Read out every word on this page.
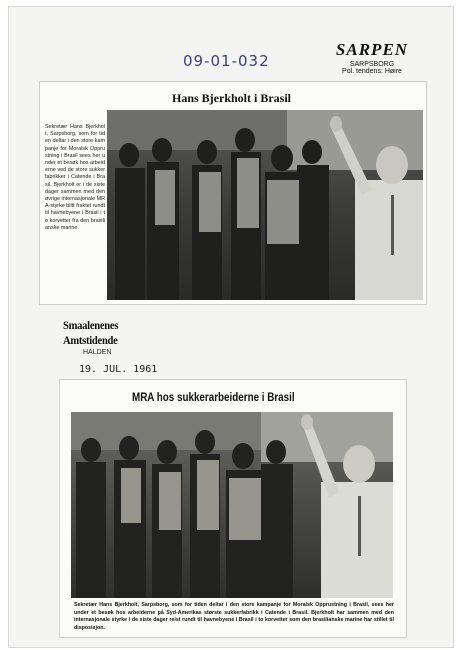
09-01-032
SARPEN
SARPSBORG
Pol. tendens: Høire
Hans Bjerkholt i Brasil
Sekretær Hans Bjerkholt, Sarpsborg, som for tiden deltar i den store kampanje for Moralsk Opprustning i Brasil sees her under et besøk hos arbeiderne ved de store sukkerfabrikker i Catende i Brasil. Bjerkholt er i de siste dager sammen med den øvrige internasjonale MRA-styrke blitt fraktet rundt til havnebyene i Brasil i to korvetter fra den brasilianske marine.
Smaalenenes Amtstidende
HALDEN
19. JUL. 1961
MRA hos sukkerarbeiderne i Brasil
Sekretær Hans Bjerkholt, Sarpsborg, som for tiden deltar i den store kampanje for Moralsk Opprustning i Brasil, sees her under et besøk hos arbeiderne på Syd-Amerikas største sukkerfabrikk i Catende i Brasil. Bjerkholt har sammen med den internasjonale styrke i de siste dager reist rundt til havnebyene i Brasil i to korvetter som den brasilianske marine har stillet til disposisjon.
